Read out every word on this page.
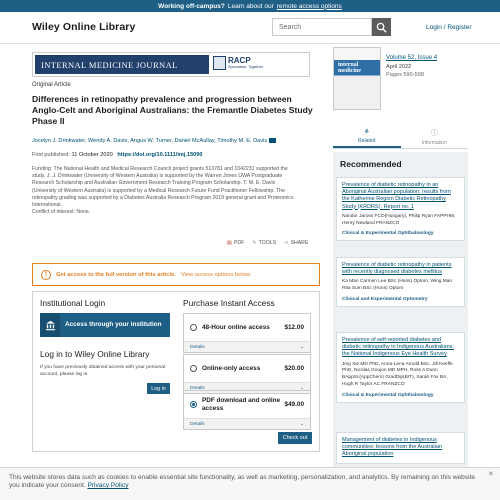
Working off-campus? Learn about our remote access options
Wiley Online Library	Search	Login / Register
INTERNAL MEDICINE JOURNAL	RACP
Specialists. Together
Original Article
Differences in retinopathy prevalence and progression between Anglo-Celt and Aboriginal Australians: the Fremantle Diabetes Study Phase II
Jocelyn J. Drinkwater, Wendy A. Davis, Angus W. Turner, Daniel McAullay, Timothy M. E. Davis
First published: 11 October 2020 https://doi.org/10.1111/imj.15090
Funding: The National Health and Medical Research Council project grants 513781 and 1042231 supported the study. J. J. Drinkwater (University of Western Australia) is supported by the Warren Jones UWA Postgraduate Research Scholarship and Australian Government Research Training Program Scholarship. T. M. E. Davis (University of Western Australia) is supported by a Medical Research Future Fund Practitioner Fellowship. The retinopathy grading was supported by a Diabetes Australia Research Program 2019 general grant and Proteomics International.
Conflict of interest: None.
▤ PDF ✎ TOOLS ⋖ SHARE
!	Get access to the full version of this article. View access options below.
Institutional Login
Access through your institution
Log in to Wiley Online Library
If you have previously obtained access with your personal account, please log in.
Log in
Purchase Instant Access
48-Hour online access	$12.00
Details	⌄
Online-only access	$20.00
Details	⌄
PDF download and online access	$49.00
Details	⌄
Check out
internal medicine
Volume 52, Issue 4
April 2022
Pages 590-598
⚘
Related
ⓘ
Information
Recommended
Prevalence of diabetic retinopathy in an Aboriginal Australian population: results from the Katherine Region Diabetic Retinopathy Study (KRDRS). Report no. 1
Nandor Jaross FCO(Hungary), Philip Ryan FAPPHM, Henry Newland FRANZCO
Clinical & Experimental Ophthalmology
Prevalence of diabetic retinopathy in patients with recently diagnosed diabetes mellitus
Ka Man Carmen Lee BSc (Hons) Optom, Wing Man Rita Sum BSc (Hons) Optom
Clinical and Experimental Optometry
Prevalence of self-reported diabetes and diabetic retinopathy in Indigenous Australians: the National Indigenous Eye Health Survey
Jing Xie MD PhD, Anna-Lena Arnold BSc, Jill Keeffe PhD, Nicolas Goujon MD MPH, Ross A Dunn BAppSc(AppChem) GradDip(BIT), Sarah Fox BA, Hugh R Taylor AC FRANZCO
Clinical & Experimental Ophthalmology
Management of diabetes in Indigenous communities: lessons from the Australian Aboriginal population
This website stores data such as cookies to enable essential site functionality, as well as marketing, personalization, and analytics. By remaining on this website you indicate your consent. Privacy Policy
✕
